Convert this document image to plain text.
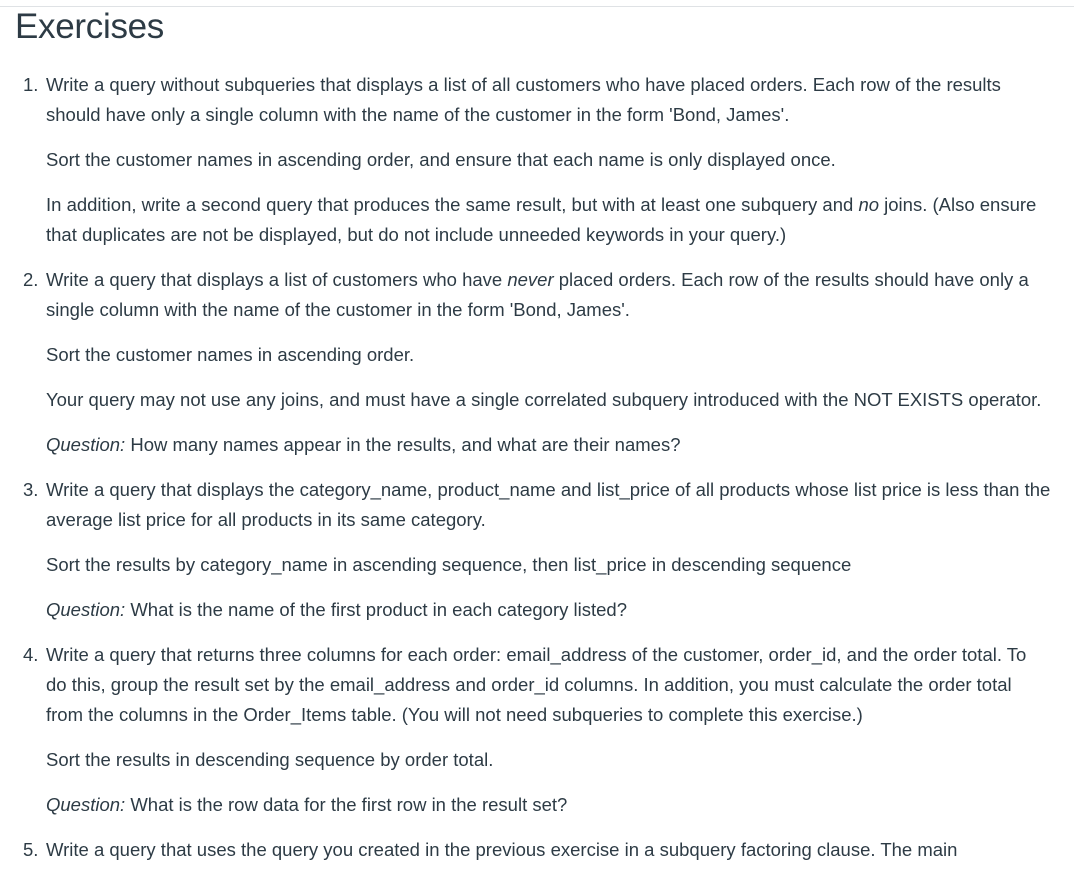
Exercises
1. Write a query without subqueries that displays a list of all customers who have placed orders. Each row of the results should have only a single column with the name of the customer in the form 'Bond, James'.

Sort the customer names in ascending order, and ensure that each name is only displayed once.

In addition, write a second query that produces the same result, but with at least one subquery and no joins. (Also ensure that duplicates are not be displayed, but do not include unneeded keywords in your query.)

2. Write a query that displays a list of customers who have never placed orders. Each row of the results should have only a single column with the name of the customer in the form 'Bond, James'.

Sort the customer names in ascending order.

Your query may not use any joins, and must have a single correlated subquery introduced with the NOT EXISTS operator.

Question: How many names appear in the results, and what are their names?

3. Write a query that displays the category_name, product_name and list_price of all products whose list price is less than the average list price for all products in its same category.

Sort the results by category_name in ascending sequence, then list_price in descending sequence

Question: What is the name of the first product in each category listed?

4. Write a query that returns three columns for each order: email_address of the customer, order_id, and the order total. To do this, group the result set by the email_address and order_id columns. In addition, you must calculate the order total from the columns in the Order_Items table. (You will not need subqueries to complete this exercise.)

Sort the results in descending sequence by order total.

Question: What is the row data for the first row in the result set?

5. Write a query that uses the query you created in the previous exercise in a subquery factoring clause. The main
